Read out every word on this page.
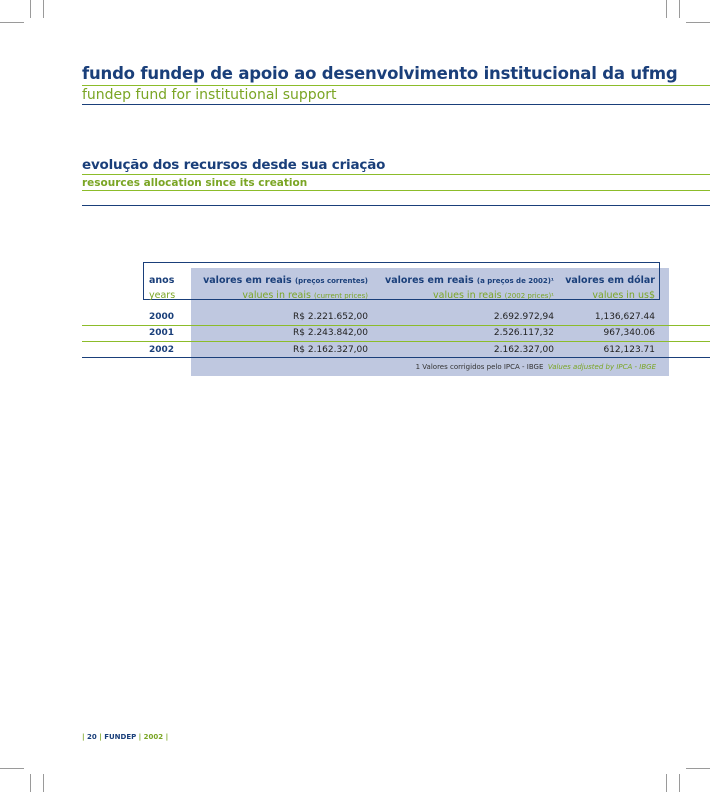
fundo fundep de apoio ao desenvolvimento institucional da ufmg
fundep fund for institutional support
evolução dos recursos desde sua criação
resources allocation since its creation
anos	valores em reais (preços correntes)	valores em reais (a preços de 2002)¹	valores em dólar
years	values in reais (current prices)	values in reais (2002 prices)¹	values in us$
2000	R$ 2.221.652,00	2.692.972,94	1,136,627.44
2001	R$ 2.243.842,00	2.526.117,32	967,340.06
2002	R$ 2.162.327,00	2.162.327,00	612,123.71
1 Valores corrigidos pelo IPCA - IBGE Values adjusted by IPCA - IBGE
| 20 | FUNDEP | 2002 |
